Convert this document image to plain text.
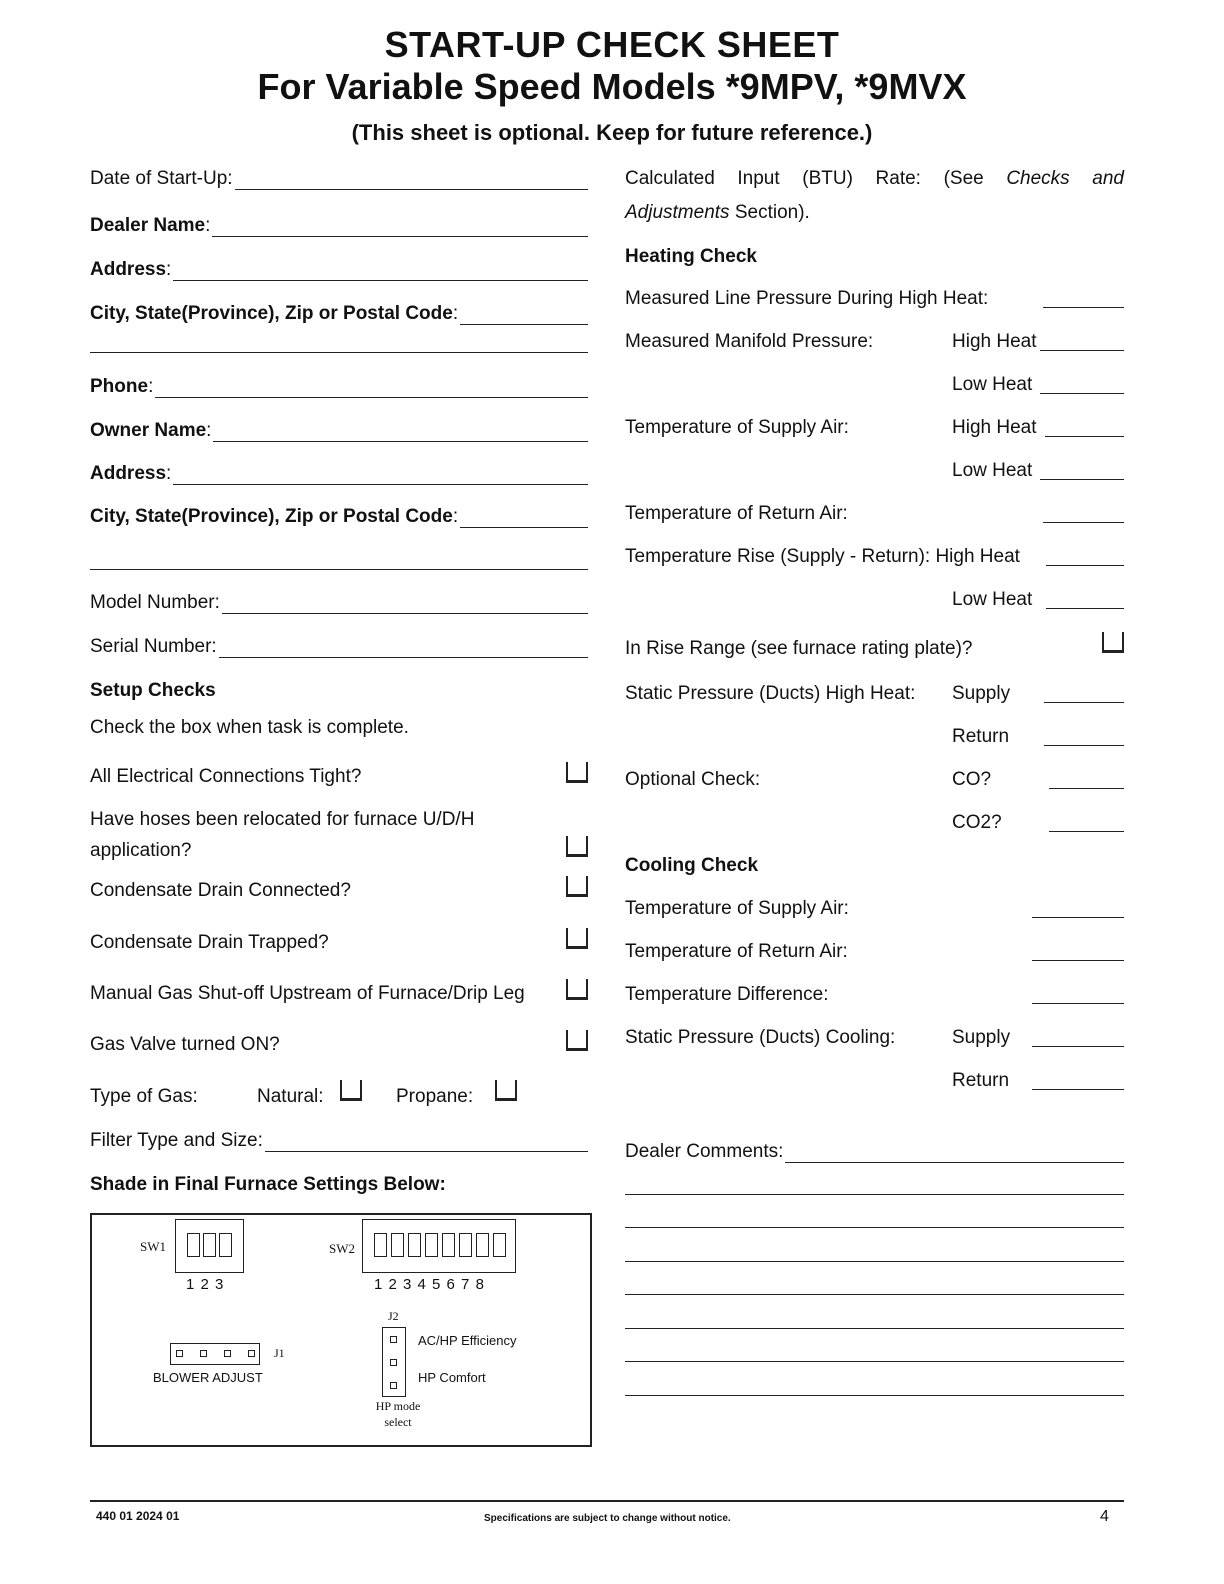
START-UP CHECK SHEET
For Variable Speed Models *9MPV, *9MVX
(This sheet is optional. Keep for future reference.)
Date of Start-Up:
Dealer Name :
Address :
City, State(Province), Zip or Postal Code :
Phone :
Owner Name :
Address :
City, State(Province), Zip or Postal Code :
Model Number:
Serial Number:
Setup Checks
Check the box when task is complete.
All Electrical Connections Tight?
Have hoses been relocated for furnace U/D/H
application?
Condensate Drain Connected?
Condensate Drain Trapped?
Manual Gas Shut-off Upstream of Furnace/Drip Leg
Gas Valve turned ON?
Type of Gas:	Natural:	Propane:
Filter Type and Size:
Shade in Final Furnace Settings Below:
SW1
1 2 3
SW2
1 2 3 4 5 6 7 8
J2
AC/HP Efficiency
HP Comfort
HP mode
select
J1
BLOWER ADJUST
Calculated Input (BTU) Rate: (See Checks and
Adjustments Section).
Heating Check
Measured Line Pressure During High Heat:
Measured Manifold Pressure:	High Heat
Low Heat
Temperature of Supply Air:	High Heat
Low Heat
Temperature of Return Air:
Temperature Rise (Supply - Return): High Heat
Low Heat
In Rise Range (see furnace rating plate)?
Static Pressure (Ducts) High Heat: Supply
Return
Optional Check:	CO?
CO2?
Cooling Check
Temperature of Supply Air:
Temperature of Return Air:
Temperature Difference:
Static Pressure (Ducts) Cooling:	Supply
Return
Dealer Comments:
440 01 2024 01	Specifications are subject to change without notice.	4
